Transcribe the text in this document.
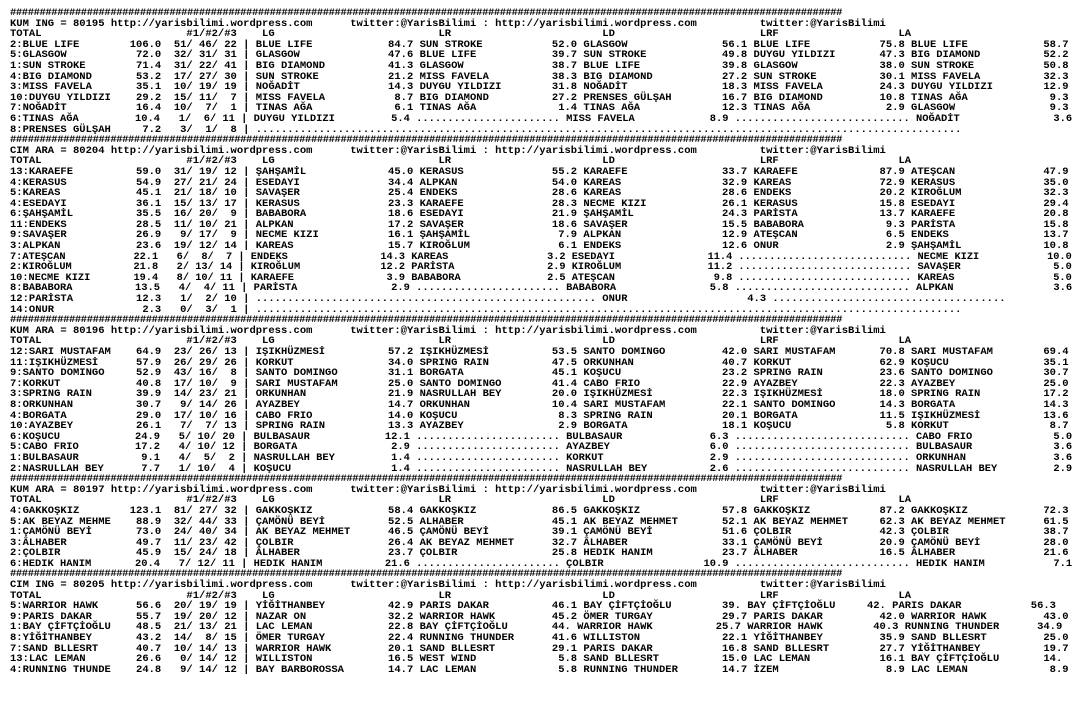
#############################################################################################################################################
KUM ING = 80195 http://yarisbilimi.wordpress.com      twitter:@YarisBilimi : http://yarisbilimi.wordpress.com          twitter:@YarisBilimi
TOTAL                       #1/#2/#3    LG                          LR                        LD                       LRF                   LA
2:BLUE LIFE        106.0  51/ 46/ 22 | BLUE LIFE            84.7 SUN STROKE           52.0 GLASGOW               56.1 BLUE LIFE           75.8 BLUE LIFE            58.7
5:GLASGOW           72.0  32/ 31/ 31 | GLASGOW              47.6 BLUE LIFE            39.7 SUN STROKE            49.8 DUYGU YILDIZI       47.3 BIG DIAMOND          52.2
1:SUN STROKE        71.4  31/ 22/ 41 | BIG DIAMOND          41.3 GLASGOW              38.7 BLUE LIFE             39.8 GLASGOW             38.0 SUN STROKE           50.8
4:BIG DIAMOND       53.2  17/ 27/ 30 | SUN STROKE           21.2 MISS FAVELA          38.3 BIG DIAMOND           27.2 SUN STROKE          30.1 MISS FAVELA          32.3
3:MISS FAVELA       35.1  10/ 19/ 19 | NOĞADİT              14.3 DUYGU YILDIZI        31.8 NOĞADİT               18.3 MISS FAVELA         24.3 DUYGU YILDIZI        12.9
10:DUYGU YILDIZI    29.2  15/ 11/  7 | MISS FAVELA           8.7 BIG DIAMOND          27.2 PRENSES GÜLŞAH        16.7 BIG DIAMOND         10.8 TINAS AĞA             9.3
7:NOĞADİT           16.4  10/  7/  1 | TINAS AĞA             6.1 TINAS AĞA             1.4 TINAS AĞA             12.3 TINAS AĞA            2.9 GLASGOW               9.3
6:TINAS AĞA         10.4   1/  6/ 11 | DUYGU YILDIZI         5.4 ....................... MISS FAVELA            8.9 ............................ NOĞADİT               3.6
8:PRENSES GÜLŞAH     7.2   3/  1/  8 | ................................................................................................................
#############################################################################################################################################
CIM ARA = 80204 http://yarisbilimi.wordpress.com      twitter:@YarisBilimi : http://yarisbilimi.wordpress.com          twitter:@YarisBilimi
TOTAL                       #1/#2/#3    LG                          LR                        LD                       LRF                   LA
13:KARAEFE          59.0  31/ 19/ 12 | ŞAHŞAMİL             45.0 KERASUS              55.2 KARAEFE               33.7 KARAEFE             87.9 ATEŞCAN              47.9
4:KERASUS           54.9  27/ 21/ 24 | ESEDAYI              34.4 ALPKAN               54.0 KAREAS                32.9 KAREAS              72.9 KERASUS              35.0
5:KAREAS            45.1  21/ 18/ 10 | SAVAŞER              25.4 ENDEKS               28.6 KAREAS                28.6 ENDEKS              20.2 KIROĞLUM             32.3
4:ESEDAYI           36.1  15/ 13/ 17 | KERASUS              23.3 KARAEFE              28.3 NECME KIZI            26.1 KERASUS             15.8 ESEDAYI              29.4
6:ŞAHŞAMİL          35.5  16/ 20/  9 | BABABORA             18.6 ESEDAYI              21.9 ŞAHŞAMİL              24.3 PARİSTA             13.7 KARAEFE              20.8
11:ENDEKS           28.5  11/ 10/ 21 | ALPKAN               17.2 SAVAŞER              18.6 SAVAŞER               15.5 BABABORA             9.3 PARİSTA              15.8
9:SAVAŞER           26.9   9/ 17/  9 | NECME KIZI           16.1 ŞAHŞAMİL              7.9 ALPKAN                12.9 ATEŞCAN              6.5 ENDEKS               13.7
3:ALPKAN            23.6  19/ 12/ 14 | KAREAS               15.7 KIROĞLUM              6.1 ENDEKS                12.6 ONUR                 2.9 ŞAHŞAMİL             10.8
7:ATEŞCAN           22.1   6/  8/  7 | ENDEKS               14.3 KAREAS                3.2 ESEDAYI               11.4 ............................ NECME KIZI           10.0
2:KIROĞLUM          21.8   2/ 13/ 14 | KIROĞLUM             12.2 PARİSTA               2.9 KIROĞLUM              11.2 ............................ SAVAŞER               5.0
10:NECME KIZI       19.4   8/ 10/ 11 | KARAEFE               3.9 BABABORA              2.5 ATEŞCAN                9.8 ............................ KAREAS                5.0
8:BABABORA          13.5   4/  4/ 11 | PARİSTA               2.9 ....................... BABABORA               5.8 ............................ ALPKAN                3.6
12:PARİSTA          12.3   1/  2/ 10 | ...................................................... ONUR                   4.3 .....................................
14:ONUR              2.3   0/  3/  1 | ................................................................................................................
#############################################################################################################################################
KUM ARA = 80196 http://yarisbilimi.wordpress.com      twitter:@YarisBilimi : http://yarisbilimi.wordpress.com          twitter:@YarisBilimi
TOTAL                       #1/#2/#3    LG                          LR                        LD                       LRF                   LA
12:SARI MUSTAFAM    64.9  23/ 26/ 13 | IŞIKHÜZMESİ          57.2 IŞIKHÜZMESİ          53.5 SANTO DOMINGO         42.0 SARI MUSTAFAM       70.8 SARI MUSTAFAM        69.4
11:IŞIKHÜZMESİ      57.9  26/ 29/ 26 | KORKUT               34.0 SPRING RAIN          47.5 ORKUNHAN              40.7 KORKUT              62.9 KOŞUCU               35.1
9:SANTO DOMINGO     52.9  43/ 16/  8 | SANTO DOMINGO        31.1 BORGATA              45.1 KOŞUCU                23.2 SPRING RAIN         23.6 SANTO DOMINGO        30.7
7:KORKUT            40.8  17/ 10/  9 | SARI MUSTAFAM        25.0 SANTO DOMINGO        41.4 CABO FRIO             22.9 AYAZBEY             22.3 AYAZBEY              25.0
3:SPRING RAIN       39.9  14/ 23/ 21 | ORKUNHAN             21.9 NASRULLAH BEY        20.0 IŞIKHÜZMESİ           22.3 IŞIKHÜZMESİ         18.0 SPRING RAIN          17.2
8:ORKUNHAN          30.7   9/ 14/ 26 | AYAZBEY              14.7 ORKUNHAN             10.4 SARI MUSTAFAM         22.1 SANTO DOMINGO       14.3 BORGATA              14.3
4:BORGATA           29.0  17/ 10/ 16 | CABO FRIO            14.0 KOŞUCU                8.3 SPRING RAIN           20.1 BORGATA             11.5 IŞIKHÜZMESİ          13.6
10:AYAZBEY          26.1   7/  7/ 13 | SPRING RAIN          13.3 AYAZBEY               2.9 BORGATA               18.1 KOŞUCU               5.8 KORKUT                8.7
6:KOŞUCU            24.9   5/ 10/ 20 | BULBASAUR            12.1 ....................... BULBASAUR              6.3 ............................ CABO FRIO             5.0
5:CABO FRIO         17.2   4/ 10/ 12 | BORGATA               2.9 ....................... AYAZBEY                6.0 ............................ BULBASAUR             3.6
1:BULBASAUR          9.1   4/  5/  2 | NASRULLAH BEY         1.4 ....................... KORKUT                 2.9 ............................ ORKUNHAN              3.6
2:NASRULLAH BEY      7.7   1/ 10/  4 | KOŞUCU                1.4 ....................... NASRULLAH BEY          2.6 ............................ NASRULLAH BEY         2.9
#############################################################################################################################################
KUM ARA = 80197 http://yarisbilimi.wordpress.com      twitter:@YarisBilimi : http://yarisbilimi.wordpress.com          twitter:@YarisBilimi
TOTAL                       #1/#2/#3    LG                          LR                        LD                       LRF                   LA
4:GAKKOŞKIZ        123.1  81/ 27/ 32 | GAKKOŞKIZ            58.4 GAKKOŞKIZ            86.5 GAKKOŞKIZ             57.8 GAKKOŞKIZ           87.2 GAKKOŞKIZ            72.3
5:AK BEYAZ MEHME    88.9  32/ 44/ 33 | ÇAMÖNÜ BEYİ          52.5 ALHABER              45.1 AK BEYAZ MEHMET       52.1 AK BEYAZ MEHMET     62.3 AK BEYAZ MEHMET      61.5
1:ÇAMÖNÜ BEYİ       73.0  24/ 40/ 34 | AK BEYAZ MEHMET      46.5 ÇAMÖNÜ BEYİ          39.1 ÇAMÖNÜ BEYİ           51.6 ÇOLBIR              42.3 ÇOLBIR               38.7
3:ÂLHABER           49.7  11/ 23/ 42 | ÇOLBIR               26.4 AK BEYAZ MEHMET      32.7 ÂLHABER               33.1 ÇAMÖNÜ BEYİ         20.9 ÇAMÖNÜ BEYİ          28.0
2:ÇOLBIR            45.9  15/ 24/ 18 | ÂLHABER              23.7 ÇOLBIR               25.8 HEDIK HANIM           23.7 ÂLHABER             16.5 ÂLHABER              21.6
6:HEDIK HANIM       20.4   7/ 12/ 11 | HEDIK HANIM          21.6 ....................... ÇOLBIR                10.9 ............................ HEDIK HANIM           7.1
#############################################################################################################################################
CIM ING = 80205 http://yarisbilimi.wordpress.com      twitter:@YarisBilimi : http://yarisbilimi.wordpress.com          twitter:@YarisBilimi
TOTAL                       #1/#2/#3    LG                          LR                        LD                       LRF                   LA
5:WARRIOR HAWK      56.6  20/ 19/ 19 | YİĞİTHANBEY          42.9 PARIS DAKAR          46.1 BAY ÇİFTÇİOĞLU        39. BAY ÇİFTÇİOĞLU     42. PARIS DAKAR           56.3
9:PARIS DAKAR       55.7  19/ 20/ 12 | NAZAR ON             32.2 WARRIOR HAWK         45.2 ÖMER TURGAY           29.7 PARIS DAKAR         42.0 WARRIOR HAWK         43.0
1:BAY ÇİFTÇİOĞLU    48.5  21/ 13/ 21 | LAC LEMAN            22.8 BAY ÇİFTÇİOĞLU       44. WARRIOR HAWK          25.7 WARRIOR HAWK        40.3 RUNNING THUNDER      34.9
8:YİĞİTHANBEY       43.2  14/  8/ 15 | ÖMER TURGAY          22.4 RUNNING THUNDER      41.6 WILLISTON             22.1 YİĞİTHANBEY         35.9 SAND BLLESRT         25.0
7:SAND BLLESRT      40.7  10/ 14/ 13 | WARRIOR HAWK         20.1 SAND BLLESRT         29.1 PARIS DAKAR           16.8 SAND BLLESRT        27.7 YİĞİTHANBEY          19.7
13:LAC LEMAN        26.6   0/ 14/ 12 | WILLISTON            16.5 WEST WIND             5.8 SAND BLLESRT          15.0 LAC LEMAN           16.1 BAY ÇİFTÇİOĞLU       14.
4:RUNNING THUNDE    24.8   9/ 14/ 12 | BAY BARBOROSSA       14.7 LAC LEMAN             5.8 RUNNING THUNDER       14.7 İZEM                 8.9 LAC LEMAN             8.9
